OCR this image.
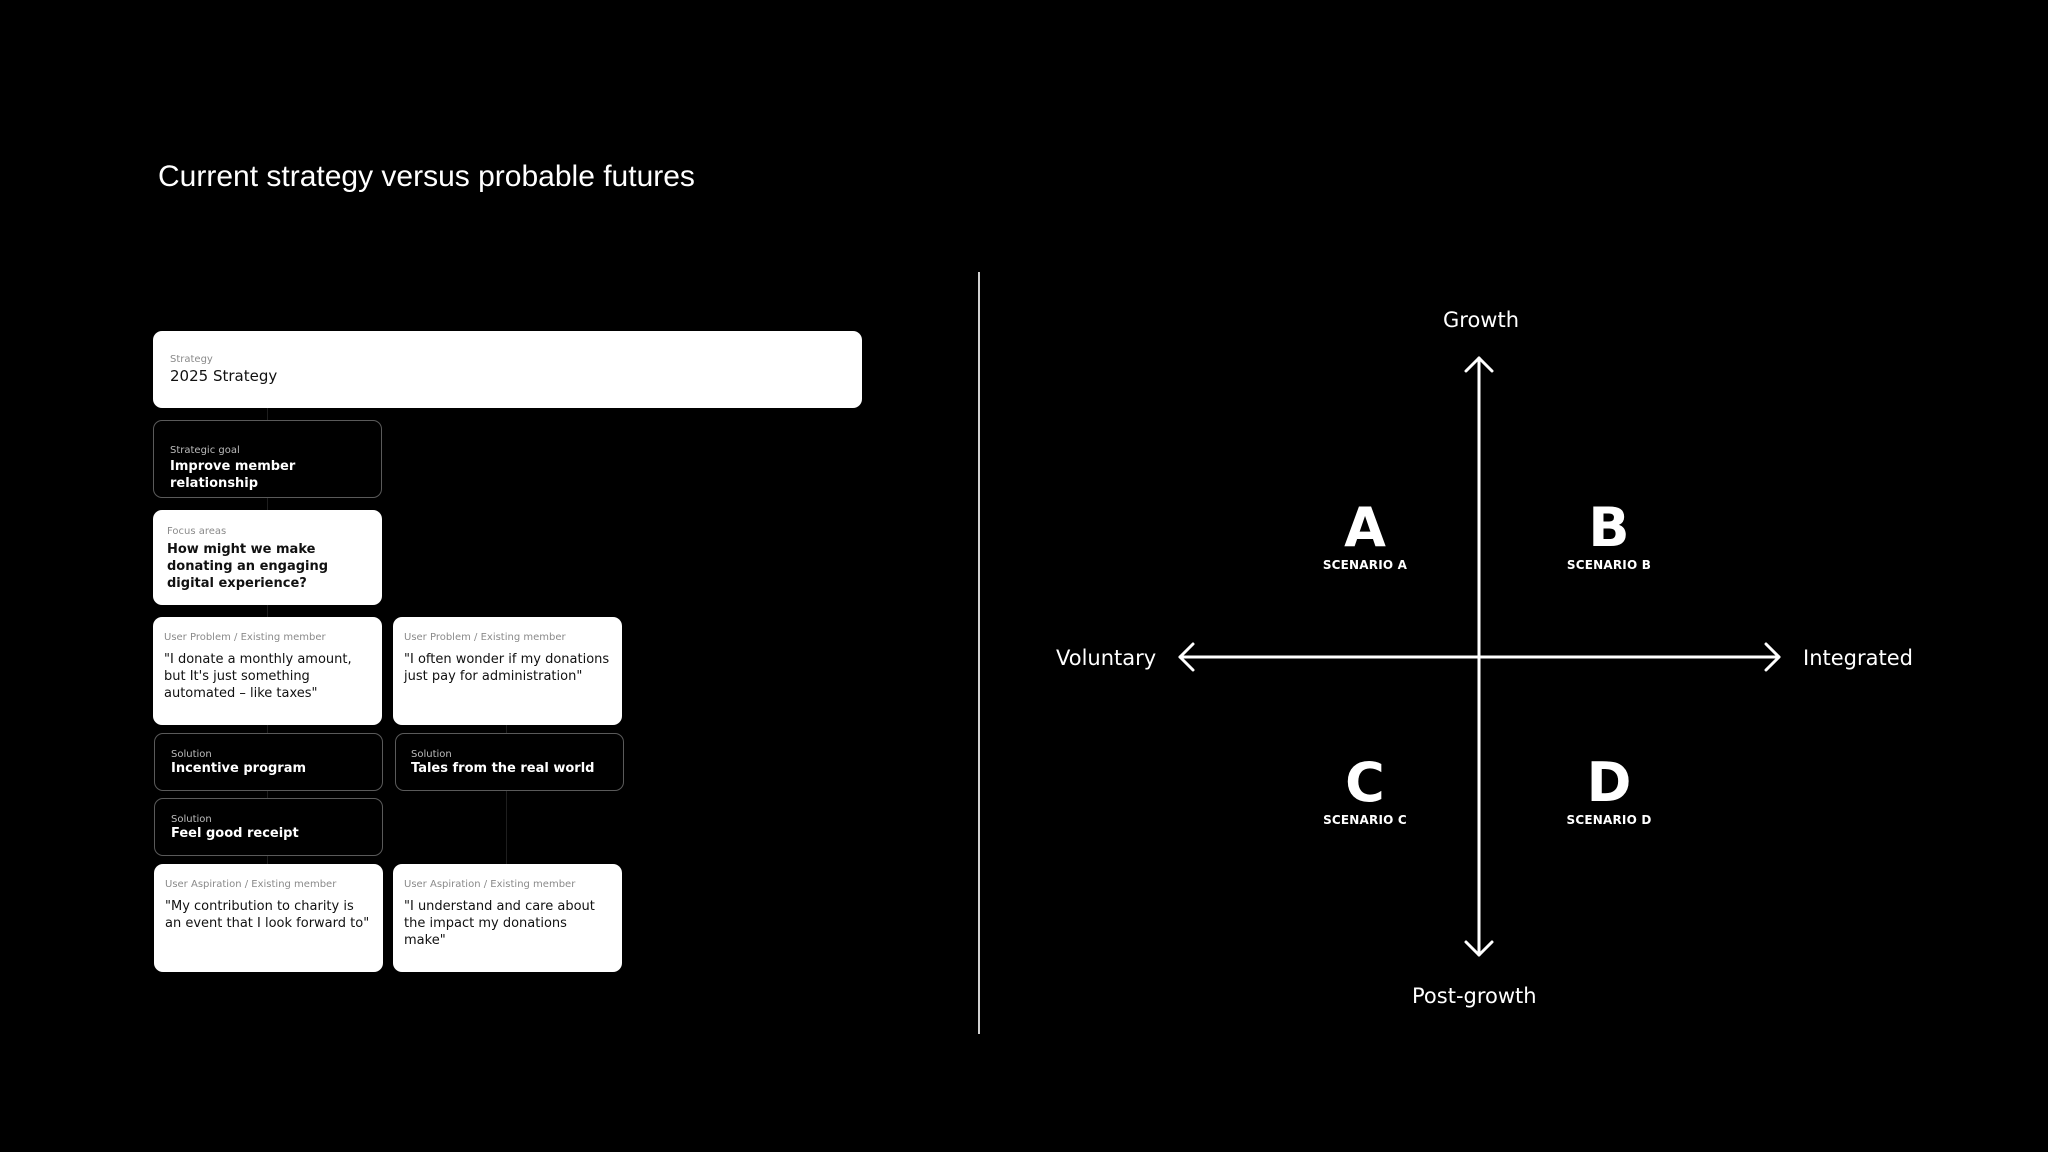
Current strategy versus probable futures
Strategy
2025 Strategy
Strategic goal
Improve member relationship
Focus areas
How might we make donating an engaging digital experience?
User Problem / Existing member
"I donate a monthly amount, but It's just something automated – like taxes"
User Problem / Existing member
"I often wonder if my donations just pay for administration"
Solution
Incentive program
Solution
Tales from the real world
Solution
Feel good receipt
User Aspiration / Existing member
"My contribution to charity is an event that I look forward to"
User Aspiration / Existing member
"I understand and care about the impact my donations make"
Growth
Post-growth
Voluntary	Integrated
A
SCENARIO A
B
SCENARIO B
C
SCENARIO C
D
SCENARIO D
